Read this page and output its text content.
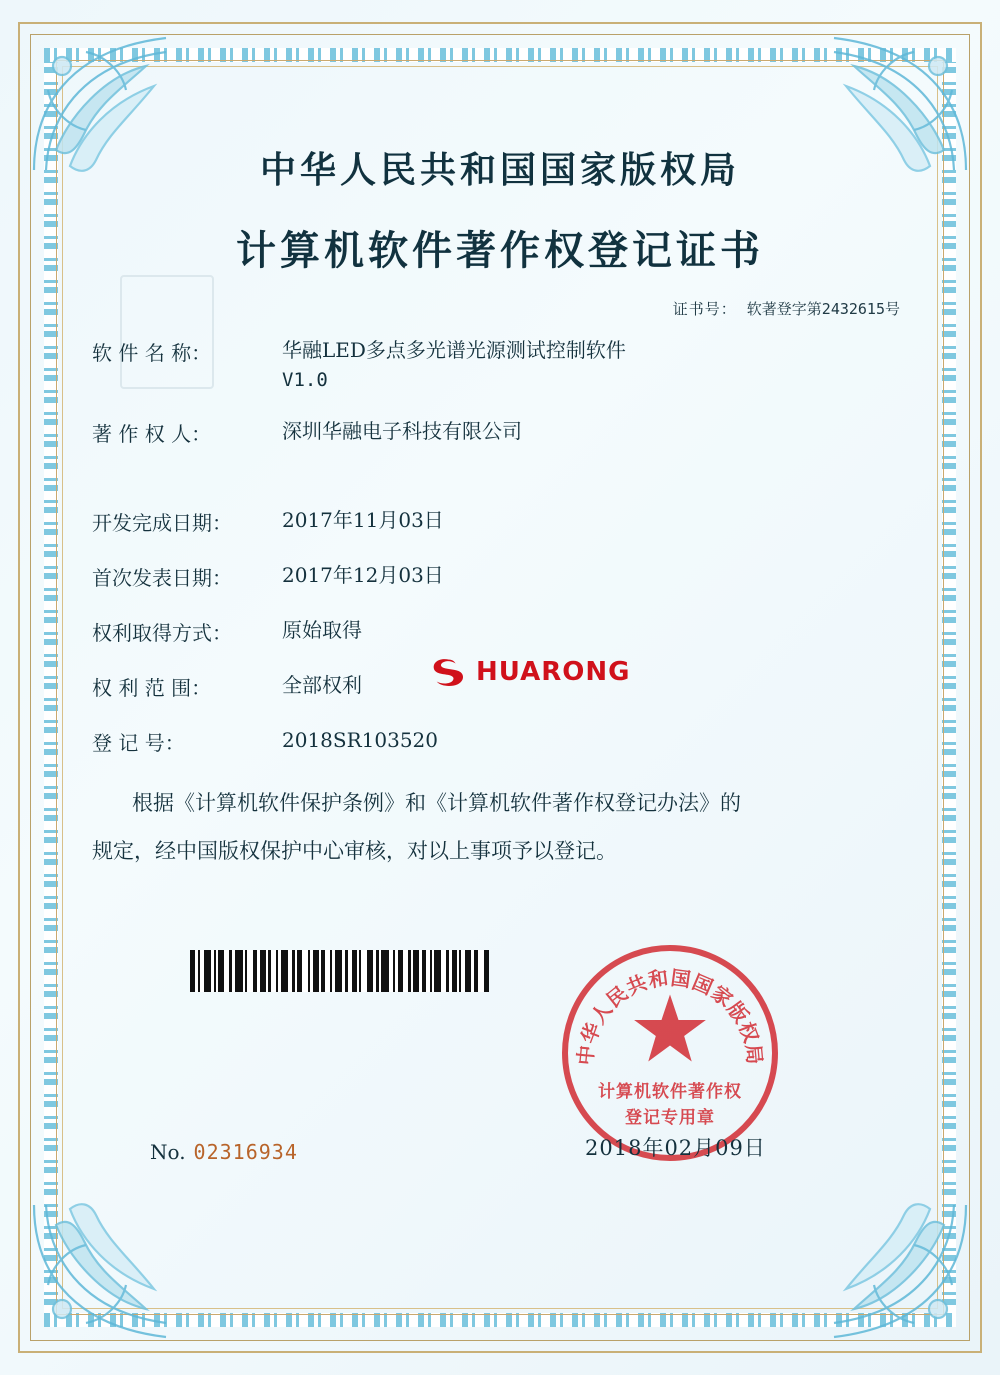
中华人民共和国国家版权局
计算机软件著作权登记证书
证书号： 软著登字第2432615号
软 件 名 称：	华融LED多点多光谱光源测试控制软件
V1.0
著 作 权 人：	深圳华融电子科技有限公司
开发完成日期：	2017年11月03日
首次发表日期：	2017年12月03日
权利取得方式：	原始取得
权 利 范 围：	全部权利
登 记 号：	2018SR103520

根据《计算机软件保护条例》和《计算机软件著作权登记办法》的

规定，经中国版权保护中心审核，对以上事项予以登记。

HUARONG
中华人民共和国国家版权局
计算机软件著作权
登记专用章
2018年02月09日
No. 02316934
